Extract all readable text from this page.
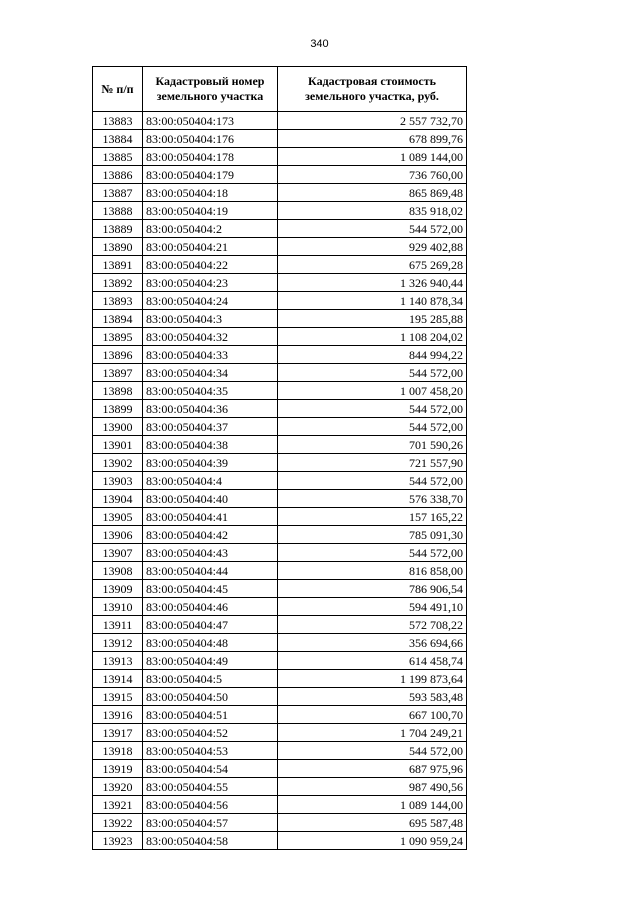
340
№ п/п	Кадастровый номер земельного участка	Кадастровая стоимость земельного участка, руб.
13883	83:00:050404:173	2 557 732,70
13884	83:00:050404:176	678 899,76
13885	83:00:050404:178	1 089 144,00
13886	83:00:050404:179	736 760,00
13887	83:00:050404:18	865 869,48
13888	83:00:050404:19	835 918,02
13889	83:00:050404:2	544 572,00
13890	83:00:050404:21	929 402,88
13891	83:00:050404:22	675 269,28
13892	83:00:050404:23	1 326 940,44
13893	83:00:050404:24	1 140 878,34
13894	83:00:050404:3	195 285,88
13895	83:00:050404:32	1 108 204,02
13896	83:00:050404:33	844 994,22
13897	83:00:050404:34	544 572,00
13898	83:00:050404:35	1 007 458,20
13899	83:00:050404:36	544 572,00
13900	83:00:050404:37	544 572,00
13901	83:00:050404:38	701 590,26
13902	83:00:050404:39	721 557,90
13903	83:00:050404:4	544 572,00
13904	83:00:050404:40	576 338,70
13905	83:00:050404:41	157 165,22
13906	83:00:050404:42	785 091,30
13907	83:00:050404:43	544 572,00
13908	83:00:050404:44	816 858,00
13909	83:00:050404:45	786 906,54
13910	83:00:050404:46	594 491,10
13911	83:00:050404:47	572 708,22
13912	83:00:050404:48	356 694,66
13913	83:00:050404:49	614 458,74
13914	83:00:050404:5	1 199 873,64
13915	83:00:050404:50	593 583,48
13916	83:00:050404:51	667 100,70
13917	83:00:050404:52	1 704 249,21
13918	83:00:050404:53	544 572,00
13919	83:00:050404:54	687 975,96
13920	83:00:050404:55	987 490,56
13921	83:00:050404:56	1 089 144,00
13922	83:00:050404:57	695 587,48
13923	83:00:050404:58	1 090 959,24
